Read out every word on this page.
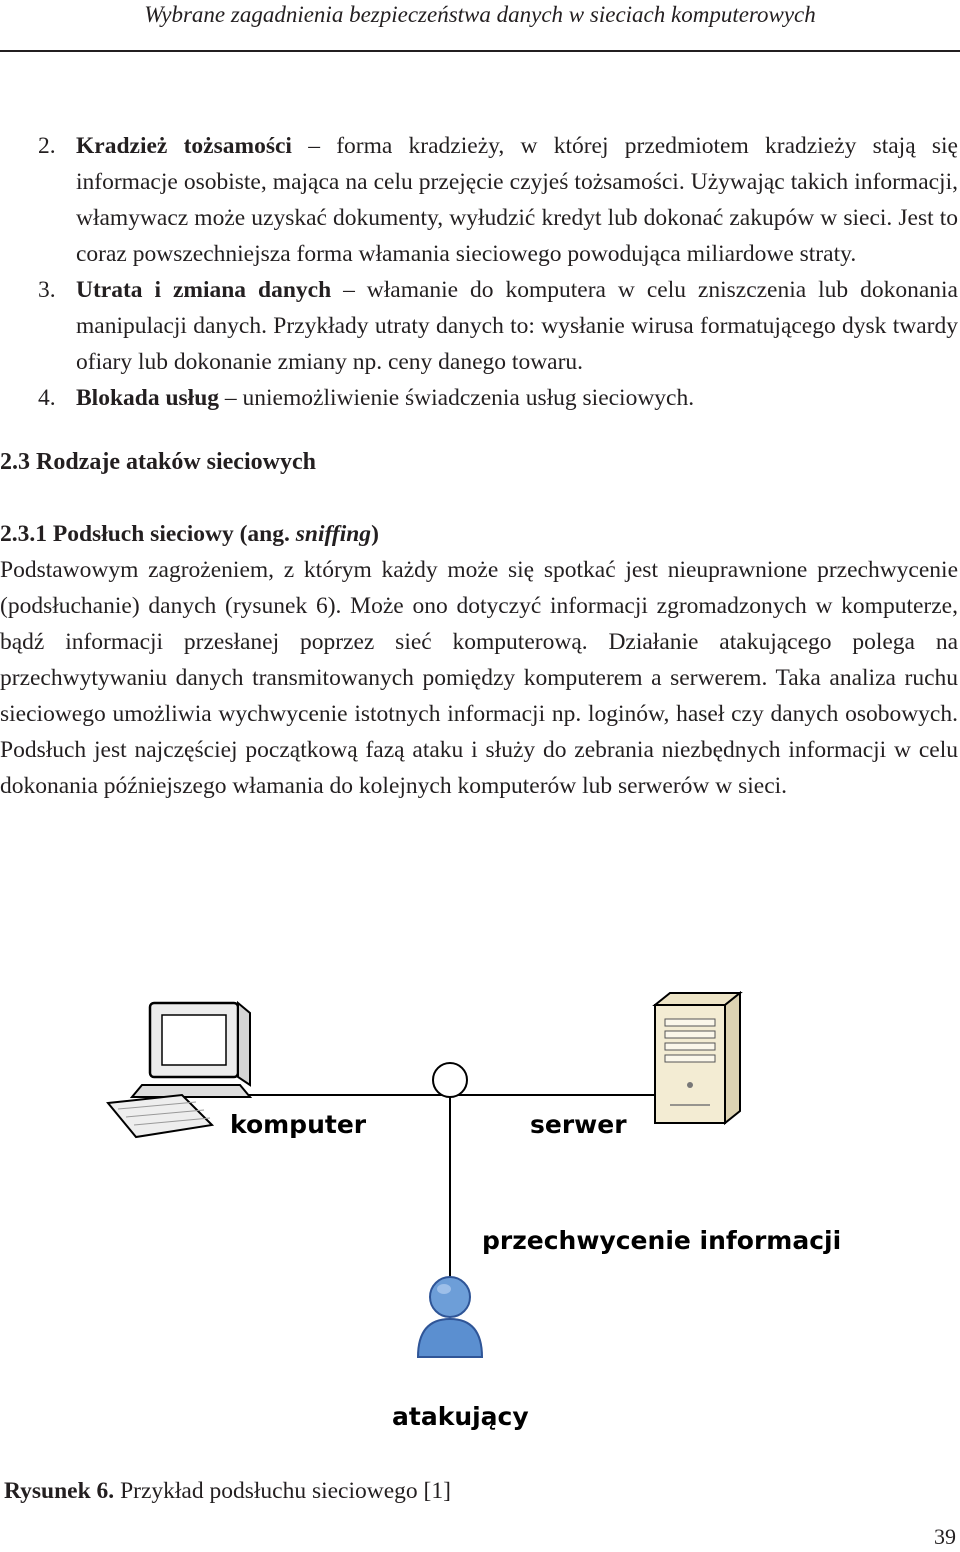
Wybrane zagadnienia bezpieczeństwa danych w sieciach komputerowych
2. Kradzież tożsamości – forma kradzieży, w której przedmiotem kradzieży stają się informacje osobiste, mająca na celu przejęcie czyjeś tożsamości. Używając takich informacji, włamywacz może uzyskać dokumenty, wyłudzić kredyt lub dokonać zakupów w sieci. Jest to coraz powszechniejsza forma włamania sieciowego powodująca miliardowe straty.
3. Utrata i zmiana danych – włamanie do komputera w celu zniszczenia lub dokonania manipulacji danych. Przykłady utraty danych to: wysłanie wirusa formatującego dysk twardy ofiary lub dokonanie zmiany np. ceny danego towaru.
4. Blokada usług – uniemożliwienie świadczenia usług sieciowych.
2.3 Rodzaje ataków sieciowych
2.3.1 Podsłuch sieciowy (ang. sniffing)
Podstawowym zagrożeniem, z którym każdy może się spotkać jest nieuprawnione przechwycenie (podsłuchanie) danych (rysunek 6). Może ono dotyczyć informacji zgromadzonych w komputerze, bądź informacji przesłanej poprzez sieć komputerową. Działanie atakującego polega na przechwytywaniu danych transmitowanych pomiędzy komputerem a serwerem. Taka analiza ruchu sieciowego umożliwia wychwycenie istotnych informacji np. loginów, haseł czy danych osobowych. Podsłuch jest najczęściej początkową fazą ataku i służy do zebrania niezbędnych informacji w celu dokonania późniejszego włamania do kolejnych komputerów lub serwerów w sieci.
komputer	serwer
przechwycenie informacji
atakujący
Rysunek 6. Przykład podsłuchu sieciowego [1]
39
